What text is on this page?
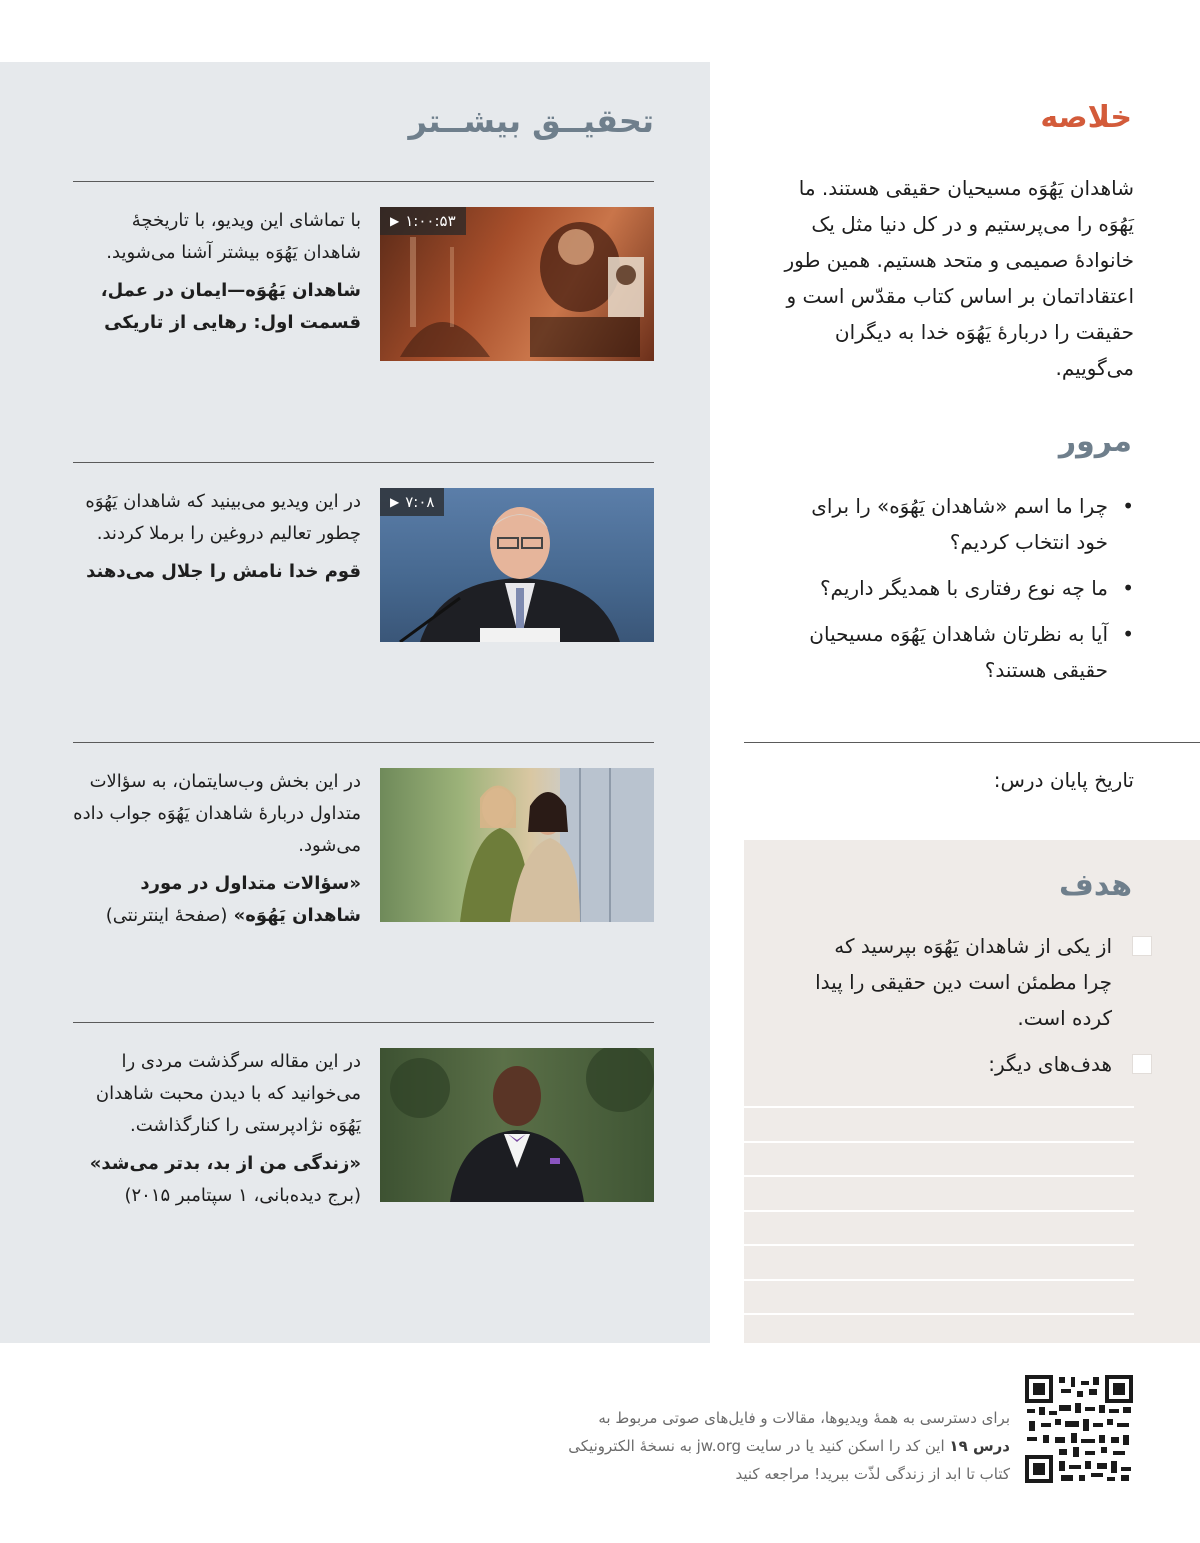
تحقیــق بیشــتر
با تماشای این ویدیو، با تاریخچهٔ شاهدان یَهُوَه بیشتر آشنا می‌شوید.
شاهدان یَهُوَه—ایمان در عمل، قسمت اول: رهایی از تاریکی
▶ ۱:۰۰:۵۳
در این ویدیو می‌بینید که شاهدان یَهُوَه چطور تعالیم دروغین را برملا کردند.
قوم خدا نامش را جلال می‌دهند
▶ ۷:۰۸
در این بخش وب‌سایتمان، به سؤالات متداول دربارهٔ شاهدان یَهُوَه جواب داده می‌شود.
«سؤالات متداول در مورد شاهدان یَهُوَه» (صفحهٔ اینترنتی)
در این مقاله سرگذشت مردی را می‌خوانید که با دیدن محبت شاهدان یَهُوَه نژادپرستی را کنارگذاشت.
«زندگی من از بد، بدتر می‌شد»
(برج دیده‌بانی، ۱ سپتامبر ۲۰۱۵)
خلاصه

شاهدان یَهُوَه مسیحیان حقیقی هستند. ما یَهُوَه را می‌پرستیم و در کل دنیا مثل یک خانوادهٔ صمیمی و متحد هستیم. همین طور اعتقاداتمان بر اساس کتاب مقدّس است و حقیقت را دربارهٔ یَهُوَه خدا به دیگران می‌گوییم.

مرور
•
چرا ما اسم «شاهدان یَهُوَه» را برای خود انتخاب کردیم؟
•
ما چه نوع رفتاری با همدیگر داریم؟
•
آیا به نظرتان شاهدان یَهُوَه مسیحیان حقیقی هستند؟
تاریخ پایان درس:
هدف
از یکی از شاهدان یَهُوَه بپرسید که چرا مطمئن است دین حقیقی را پیدا کرده است.
هدف‌های دیگر:
برای دسترسی به همهٔ ویدیوها، مقالات و فایل‌های صوتی مربوط به
درس ۱۹ این کد را اسکن کنید یا در سایت jw.org به نسخهٔ الکترونیکی
کتاب تا ابد از زندگی لذّت ببرید! مراجعه کنید
